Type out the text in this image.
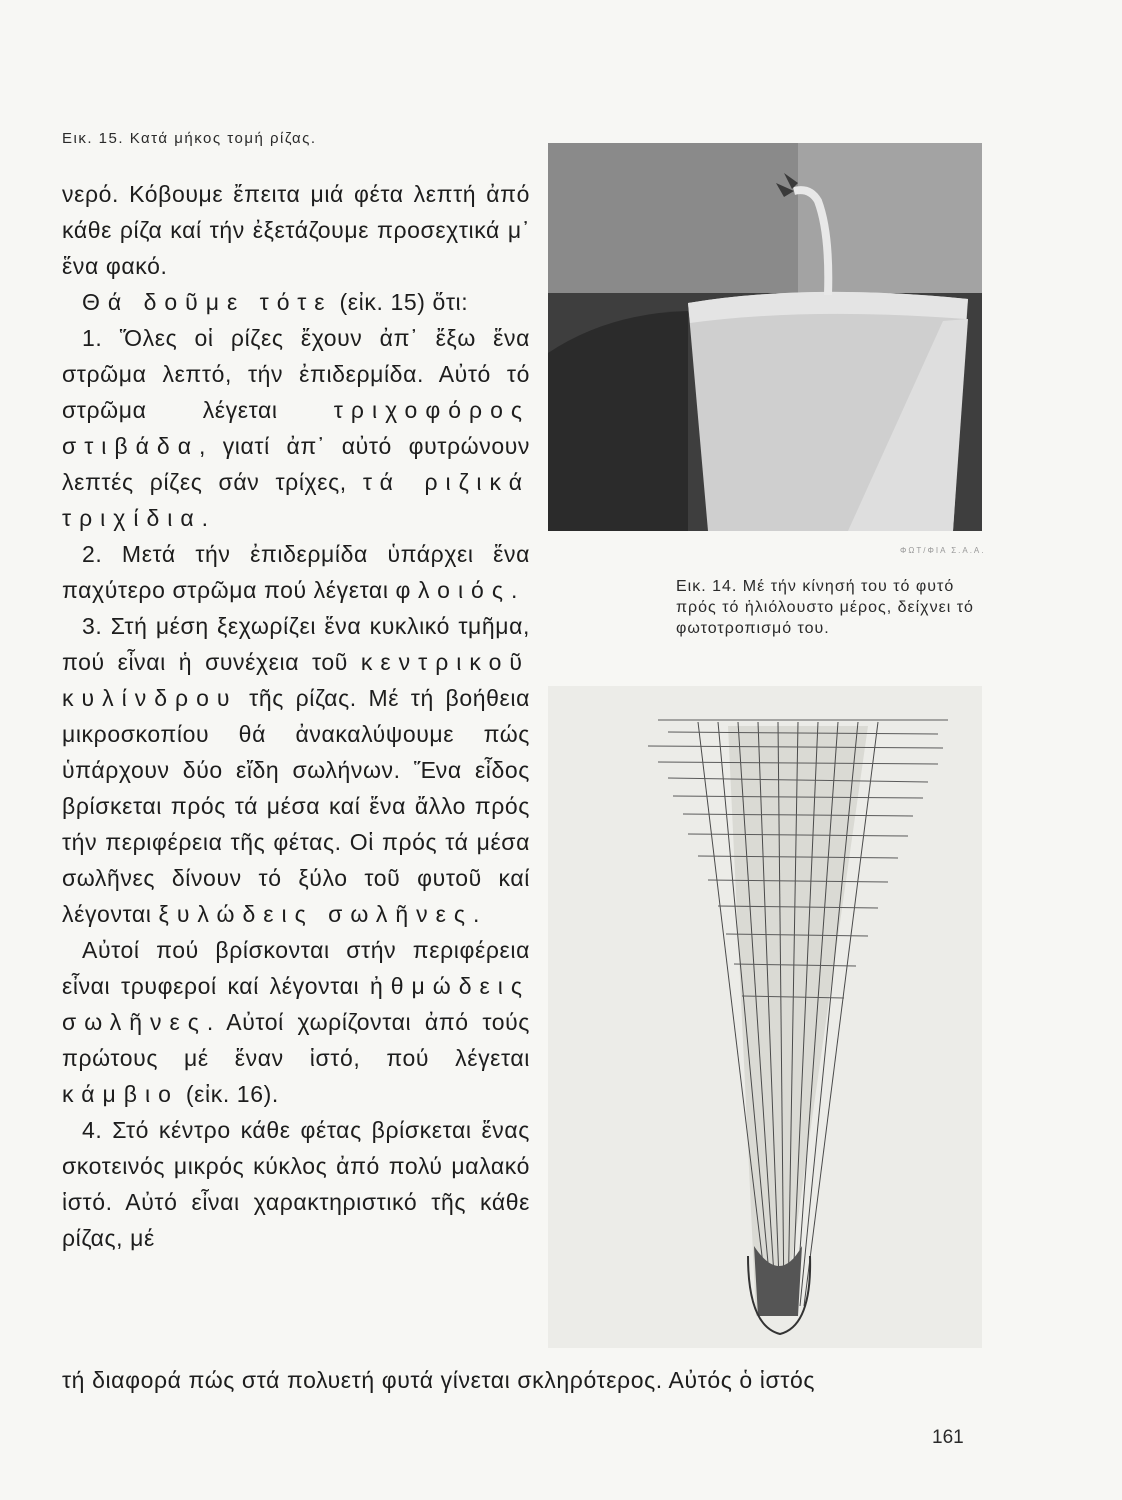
Εικ. 15. Κατά μήκος τομή ρίζας.

νερό. Κόβουμε ἔπειτα μιά φέτα λεπτή ἀπό κάθε ρίζα καί τήν ἐξετάζουμε προσεχτικά μ᾿ ἕνα φακό.

Θά δοῦμε τότε (εἰκ. 15) ὅτι:

1. Ὅλες οἱ ρίζες ἔχουν ἀπ᾿ ἔξω ἕνα στρῶμα λεπτό, τήν ἐπιδερμίδα. Αὐτό τό στρῶμα λέγεται τριχοφόρος στιβάδα, γιατί ἀπ᾿ αὐτό φυτρώνουν λεπτές ρίζες σάν τρίχες, τά ριζικά τριχίδια.

2. Μετά τήν ἐπιδερμίδα ὑπάρχει ἕνα παχύτερο στρῶμα πού λέγεται φλοιός.

3. Στή μέση ξεχωρίζει ἕνα κυκλικό τμῆμα, πού εἶναι ἡ συνέχεια τοῦ κεντρικοῦ κυλίνδρου τῆς ρίζας. Μέ τή βοήθεια μικροσκοπίου θά ἀνακαλύψουμε πώς ὑπάρχουν δύο εἴδη σωλήνων. Ἕνα εἶδος βρίσκεται πρός τά μέσα καί ἕνα ἄλλο πρός τήν περιφέρεια τῆς φέτας. Οἱ πρός τά μέσα σωλῆνες δίνουν τό ξύλο τοῦ φυτοῦ καί λέγονται ξυλώδεις σωλῆνες.

Αὐτοί πού βρίσκονται στήν περιφέρεια εἶναι τρυφεροί καί λέγονται ἠθμώδεις σωλῆνες. Αὐτοί χωρίζονται ἀπό τούς πρώτους μέ ἕναν ἱστό, πού λέγεται κάμβιο (εἰκ. 16).

4. Στό κέντρο κάθε φέτας βρίσκεται ἕνας σκοτεινός μικρός κύκλος ἀπό πολύ μαλακό ἱστό. Αὐτό εἶναι χαρακτηριστικό τῆς κάθε ρίζας, μέ

τή διαφορά πώς στά πολυετή φυτά γίνεται σκληρότερος. Αὐτός ὁ ἱστός
ΦΩΤ/ΦΙΑ Σ.Α.Α.
Εικ. 14. Μέ τήν κίνησή του τό φυτό πρός τό ἡλιόλουστο μέρος, δείχνει τό φωτοτροπισμό του.
161
